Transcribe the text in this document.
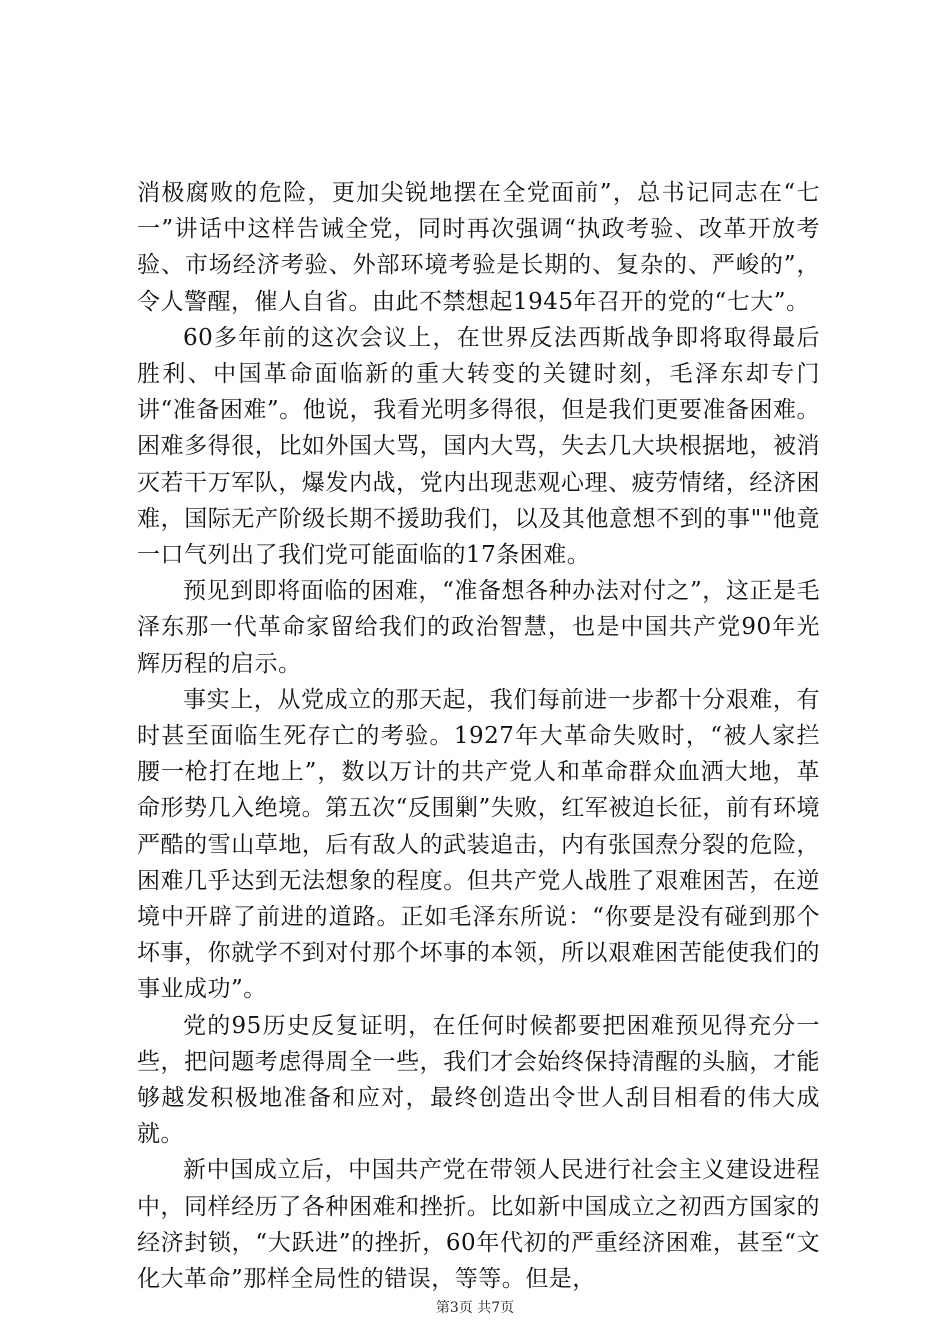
消极腐败的危险，更加尖锐地摆在全党面前”，总书记同志在“七一”讲话中这样告诫全党，同时再次强调“执政考验、改革开放考验、市场经济考验、外部环境考验是长期的、复杂的、严峻的”，令人警醒，催人自省。由此不禁想起1945年召开的党的“七大”。

60多年前的这次会议上，在世界反法西斯战争即将取得最后胜利、中国革命面临新的重大转变的关键时刻，毛泽东却专门讲“准备困难”。他说，我看光明多得很，但是我们更要准备困难。困难多得很，比如外国大骂，国内大骂，失去几大块根据地，被消灭若干万军队，爆发内战，党内出现悲观心理、疲劳情绪，经济困难，国际无产阶级长期不援助我们，以及其他意想不到的事""他竟一口气列出了我们党可能面临的17条困难。

预见到即将面临的困难，“准备想各种办法对付之”，这正是毛泽东那一代革命家留给我们的政治智慧，也是中国共产党90年光辉历程的启示。

事实上，从党成立的那天起，我们每前进一步都十分艰难，有时甚至面临生死存亡的考验。1927年大革命失败时，“被人家拦腰一枪打在地上”，数以万计的共产党人和革命群众血洒大地，革命形势几入绝境。第五次“反围剿”失败，红军被迫长征，前有环境严酷的雪山草地，后有敌人的武装追击，内有张国焘分裂的危险，困难几乎达到无法想象的程度。但共产党人战胜了艰难困苦，在逆境中开辟了前进的道路。正如毛泽东所说：“你要是没有碰到那个坏事，你就学不到对付那个坏事的本领，所以艰难困苦能使我们的事业成功”。

党的95历史反复证明，在任何时候都要把困难预见得充分一些，把问题考虑得周全一些，我们才会始终保持清醒的头脑，才能够越发积极地准备和应对，最终创造出令世人刮目相看的伟大成就。

新中国成立后，中国共产党在带领人民进行社会主义建设进程中，同样经历了各种困难和挫折。比如新中国成立之初西方国家的经济封锁，“大跃进”的挫折，60年代初的严重经济困难，甚至“文化大革命”那样全局性的错误，等等。但是，

第3页 共7页
